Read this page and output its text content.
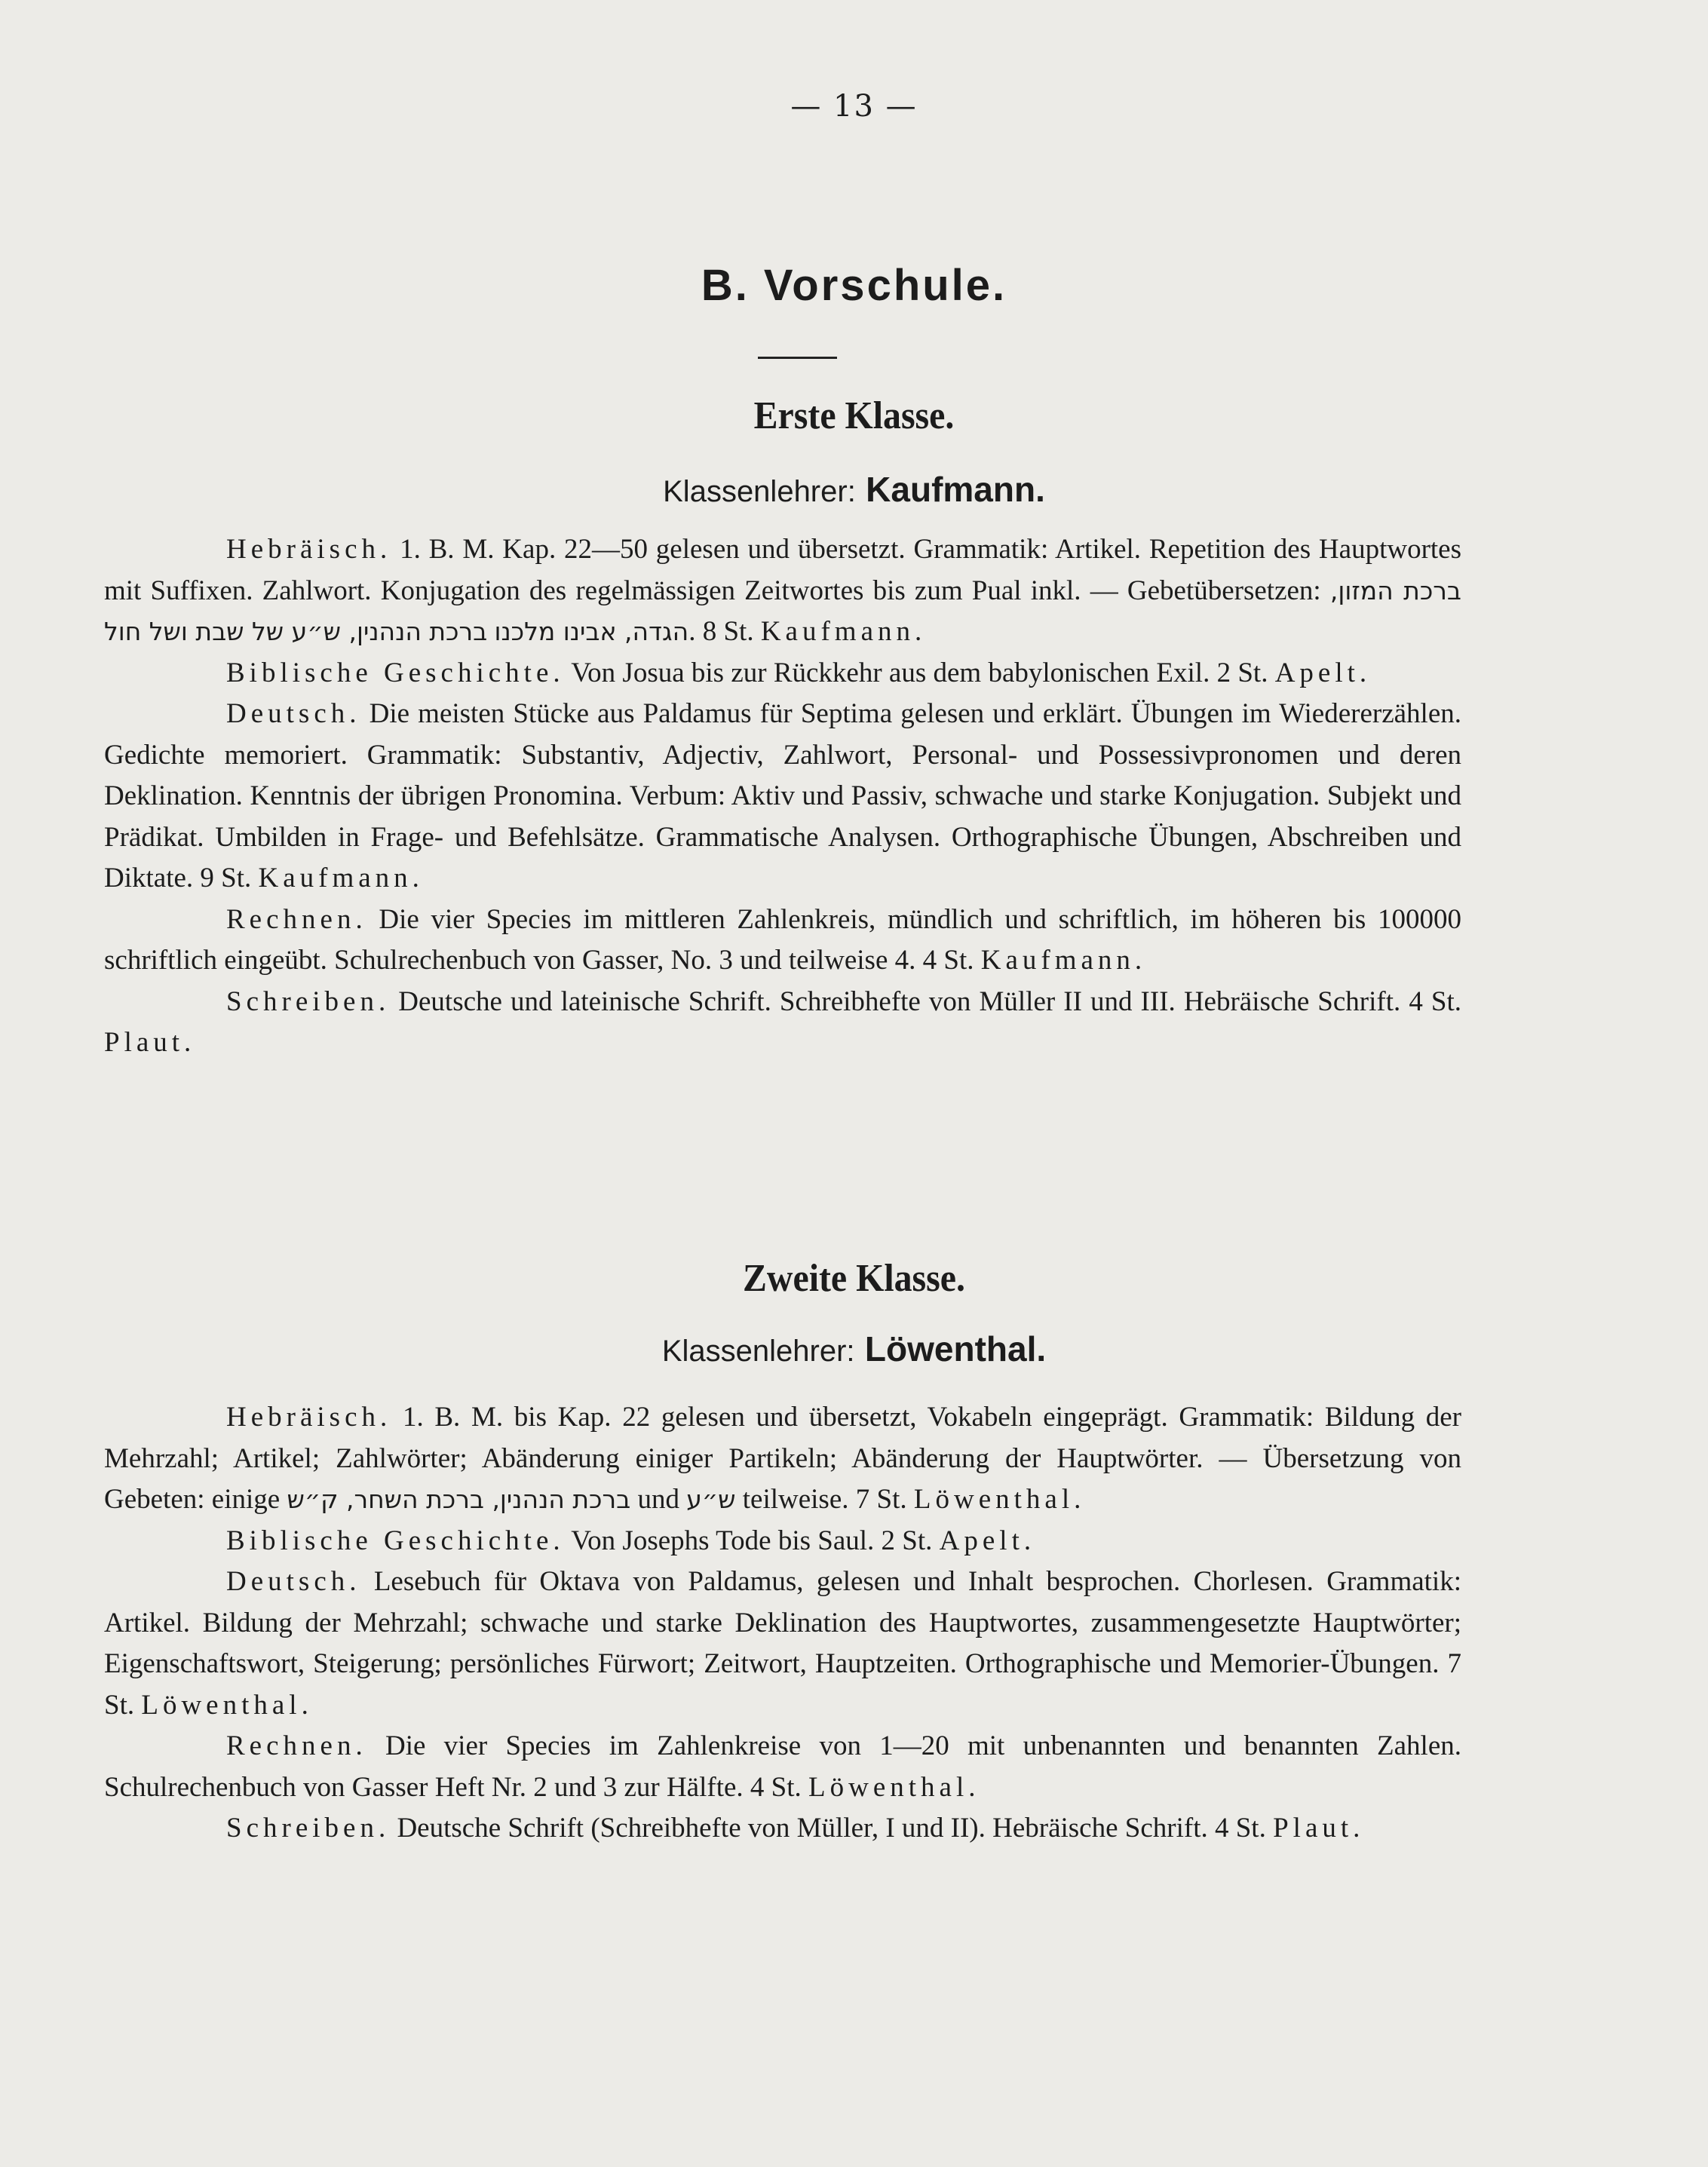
— 13 —
B. Vorschule.
Erste Klasse.
Klassenlehrer: Kaufmann.

Hebräisch. 1. B. M. Kap. 22—50 gelesen und übersetzt. Grammatik: Artikel. Repetition des Hauptwortes mit Suffixen. Zahlwort. Konjugation des regelmässigen Zeitwortes bis zum Pual inkl. — Gebetübersetzen: ברכת המזון, ברכת הנהנין, ש״ע של שבת ושל חול הגדה, אבינו מלכנו. 8 St. Kaufmann.

Biblische Geschichte. Von Josua bis zur Rückkehr aus dem babylonischen Exil. 2 St. Apelt.

Deutsch. Die meisten Stücke aus Paldamus für Septima gelesen und erklärt. Übungen im Wiedererzählen. Gedichte memoriert. Grammatik: Substantiv, Adjectiv, Zahlwort, Personal- und Possessivpronomen und deren Deklination. Kenntnis der übrigen Pronomina. Verbum: Aktiv und Passiv, schwache und starke Konjugation. Subjekt und Prädikat. Umbilden in Frage- und Befehlsätze. Grammatische Analysen. Orthographische Übungen, Abschreiben und Diktate. 9 St. Kaufmann.

Rechnen. Die vier Species im mittleren Zahlenkreis, mündlich und schriftlich, im höheren bis 100000 schriftlich eingeübt. Schulrechenbuch von Gasser, No. 3 und teilweise 4. 4 St. Kaufmann.

Schreiben. Deutsche und lateinische Schrift. Schreibhefte von Müller II und III. Hebräische Schrift. 4 St. Plaut.

Zweite Klasse.
Klassenlehrer: Löwenthal.

Hebräisch. 1. B. M. bis Kap. 22 gelesen und übersetzt, Vokabeln eingeprägt. Grammatik: Bildung der Mehrzahl; Artikel; Zahlwörter; Abänderung einiger Partikeln; Abänderung der Hauptwörter. — Übersetzung von Gebeten: einige ברכת הנהנין, ברכת השחר, ק״ש und ש״ע teilweise. 7 St. Löwenthal.

Biblische Geschichte. Von Josephs Tode bis Saul. 2 St. Apelt.

Deutsch. Lesebuch für Oktava von Paldamus, gelesen und Inhalt besprochen. Chorlesen. Grammatik: Artikel. Bildung der Mehrzahl; schwache und starke Deklination des Hauptwortes, zusammengesetzte Hauptwörter; Eigenschaftswort, Steigerung; persönliches Fürwort; Zeitwort, Hauptzeiten. Orthographische und Memorier-Übungen. 7 St. Löwenthal.

Rechnen. Die vier Species im Zahlenkreise von 1—20 mit unbenannten und benannten Zahlen. Schulrechenbuch von Gasser Heft Nr. 2 und 3 zur Hälfte. 4 St. Löwenthal.

Schreiben. Deutsche Schrift (Schreibhefte von Müller, I und II). Hebräische Schrift. 4 St. Plaut.
